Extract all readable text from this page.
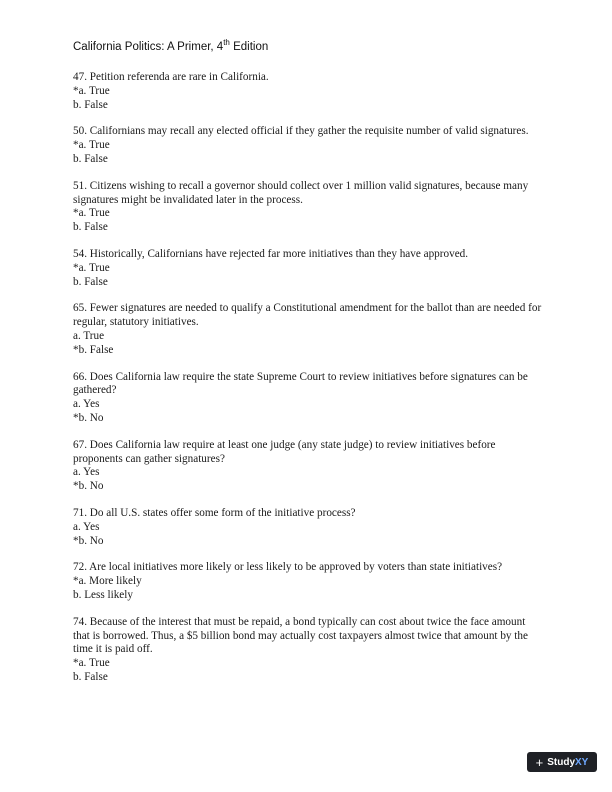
California Politics: A Primer, 4th Edition
47. Petition referenda are rare in California.
* a. True
b. False
50. Californians may recall any elected official if they gather the requisite number of valid signatures.
* a. True
b. False
51. Citizens wishing to recall a governor should collect over 1 million valid signatures, because many signatures might be invalidated later in the process.
* a. True
b. False
54. Historically, Californians have rejected far more initiatives than they have approved.
* a. True
b. False
65. Fewer signatures are needed to qualify a Constitutional amendment for the ballot than are needed for regular, statutory initiatives.
a. True
* b. False
66. Does California law require the state Supreme Court to review initiatives before signatures can be gathered?
a. Yes
* b. No
67. Does California law require at least one judge (any state judge) to review initiatives before proponents can gather signatures?
a. Yes
* b. No
71. Do all U.S. states offer some form of the initiative process?
a. Yes
* b. No
72. Are local initiatives more likely or less likely to be approved by voters than state initiatives?
* a. More likely
b. Less likely
74. Because of the interest that must be repaid, a bond typically can cost about twice the face amount that is borrowed. Thus, a $5 billion bond may actually cost taxpayers almost twice that amount by the time it is paid off.
* a. True
b. False
+ StudyXY
